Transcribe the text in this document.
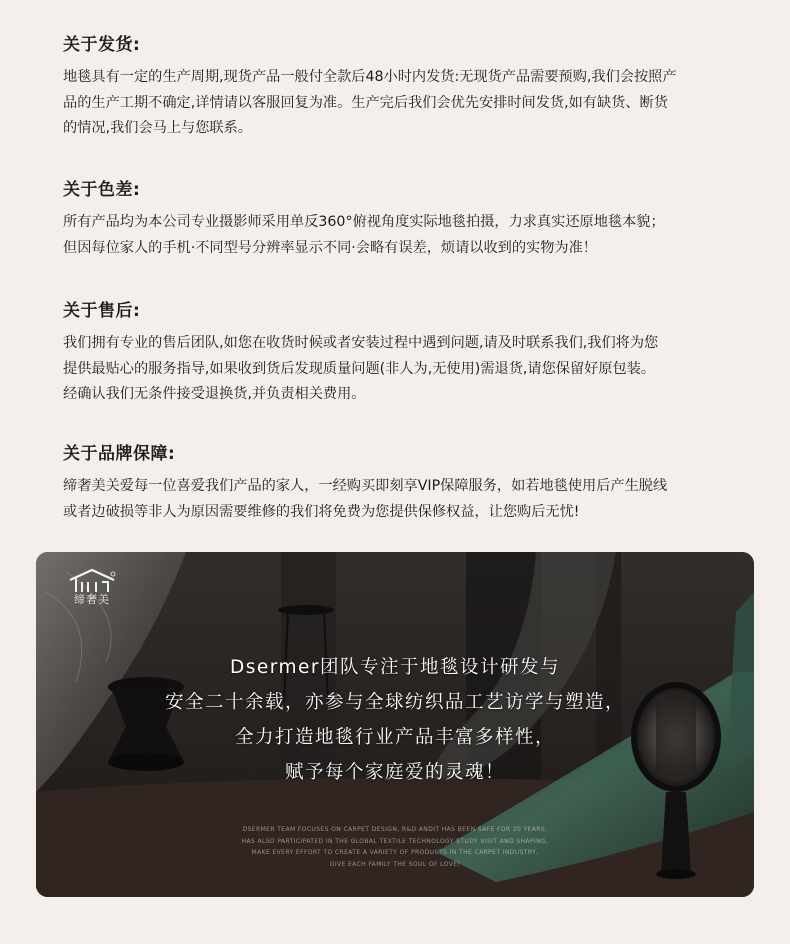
关于发货:

地毯具有一定的生产周期,现货产品一般付全款后48小时内发货:无现货产品需要预购,我们会按照产
品的生产工期不确定,详情请以客服回复为准。生产完后我们会优先安排时间发货,如有缺货、断货
的情况,我们会马上与您联系。

关于色差:

所有产品均为本公司专业摄影师采用单反360°俯视角度实际地毯拍摄，力求真实还原地毯本貌；
但因每位家人的手机·不同型号分辨率显示不同·会略有误差，烦请以收到的实物为准！

关于售后:

我们拥有专业的售后团队,如您在收货时候或者安装过程中遇到问题,请及时联系我们,我们将为您
提供最贴心的服务指导,如果收到货后发现质量问题(非人为,无使用)需退货,请您保留好原包装。
经确认我们无条件接受退换货,并负责相关费用。

关于品牌保障:

缔奢美关爱每一位喜爱我们产品的家人，一经购买即刻享VIP保障服务，如若地毯使用后产生脱线
或者边破损等非人为原因需要维修的我们将免费为您提供保修权益，让您购后无忧!

缔奢美
Dsermer团队专注于地毯设计研发与
安全二十余载，亦参与全球纺织品工艺访学与塑造，
全力打造地毯行业产品丰富多样性，
赋予每个家庭爱的灵魂！
DSERMER TEAM FOCUSES ON CARPET DESIGN, R&D ANDIT HAS BEEN SAFE FOR 20 YEARS,
HAS ALSO PARTICIPATED IN THE GLOBAL TEXTILE TECHNOLOGY STUDY VISIT AND SHAPING,
MAKE EVERY EFFORT TO CREATE A VARIETY OF PRODUCTS IN THE CARPET INDUSTRY,
GIVE EACH FAMILY THE SOUL OF LOVE!
